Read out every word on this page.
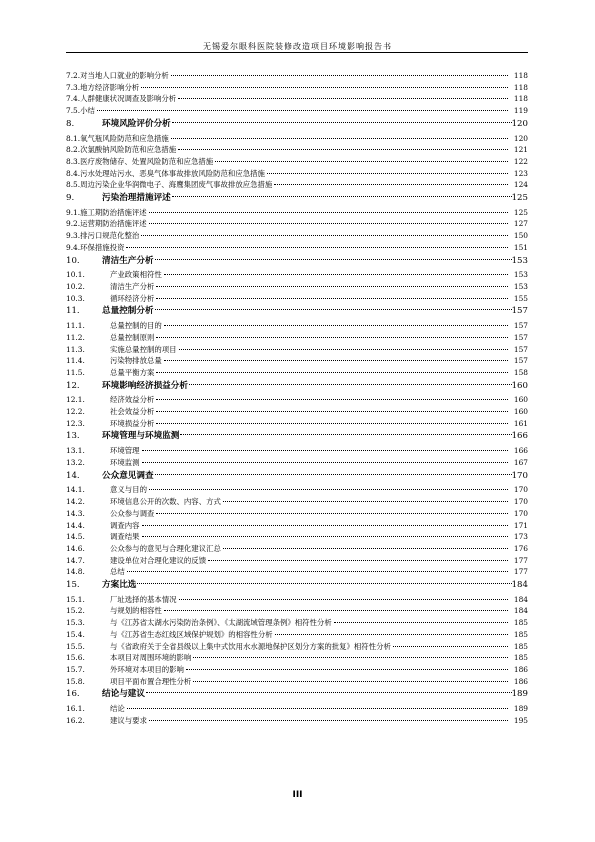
无锡爱尔眼科医院装修改造项目环境影响报告书
7.2. 对当地人口就业的影响分析	118
7.3. 地方经济影响分析	118
7.4. 人群健康状况调查及影响分析	118
7.5. 小结	119
8.	环境风险评价分析	120
8.1. 氧气瓶风险防范和应急措施	120
8.2. 次氯酸钠风险防范和应急措施	121
8.3. 医疗废物储存、处置风险防范和应急措施	122
8.4. 污水处理站污水、恶臭气体事故排放风险防范和应急措施	123
8.5. 周边污染企业华润微电子、海鹰集团废气事故排放应急措施	124
9.	污染治理措施评述	125
9.1. 施工期防治措施评述	125
9.2. 运营期防治措施评述	127
9.3. 排污口规范化整治	150
9.4. 环保措施投资	151
10.	清洁生产分析	153
10.1.	产业政策相符性	153
10.2.	清洁生产分析	153
10.3.	循环经济分析	155
11.	总量控制分析	157
11.1.	总量控制的目的	157
11.2.	总量控制原则	157
11.3.	实施总量控制的项目	157
11.4.	污染物排放总量	157
11.5.	总量平衡方案	158
12.	环境影响经济损益分析	160
12.1.	经济效益分析	160
12.2.	社会效益分析	160
12.3.	环境损益分析	161
13.	环境管理与环境监测	166
13.1.	环境管理	166
13.2.	环境监测	167
14.	公众意见调查	170
14.1.	意义与目的	170
14.2.	环境信息公开的次数、内容、方式	170
14.3.	公众参与调查	170
14.4.	调查内容	171
14.5.	调查结果	173
14.6.	公众参与的意见与合理化建议汇总	176
14.7.	建设单位对合理化建议的反馈	177
14.8.	总结	177
15.	方案比选	184
15.1.	厂址选择的基本情况	184
15.2.	与规划的相容性	184
15.3.	与《江苏省太湖水污染防治条例》、《太湖流域管理条例》相符性分析	185
15.4.	与《江苏省生态红线区域保护规划》的相容性分析	185
15.5.	与《省政府关于全省县级以上集中式饮用水水源地保护区划分方案的批复》相符性分析	185
15.6.	本项目对周围环境的影响	185
15.7.	外环境对本项目的影响	186
15.8.	项目平面布置合理性分析	186
16.	结论与建议	189
16.1.	结论	189
16.2.	建议与要求	195
III
